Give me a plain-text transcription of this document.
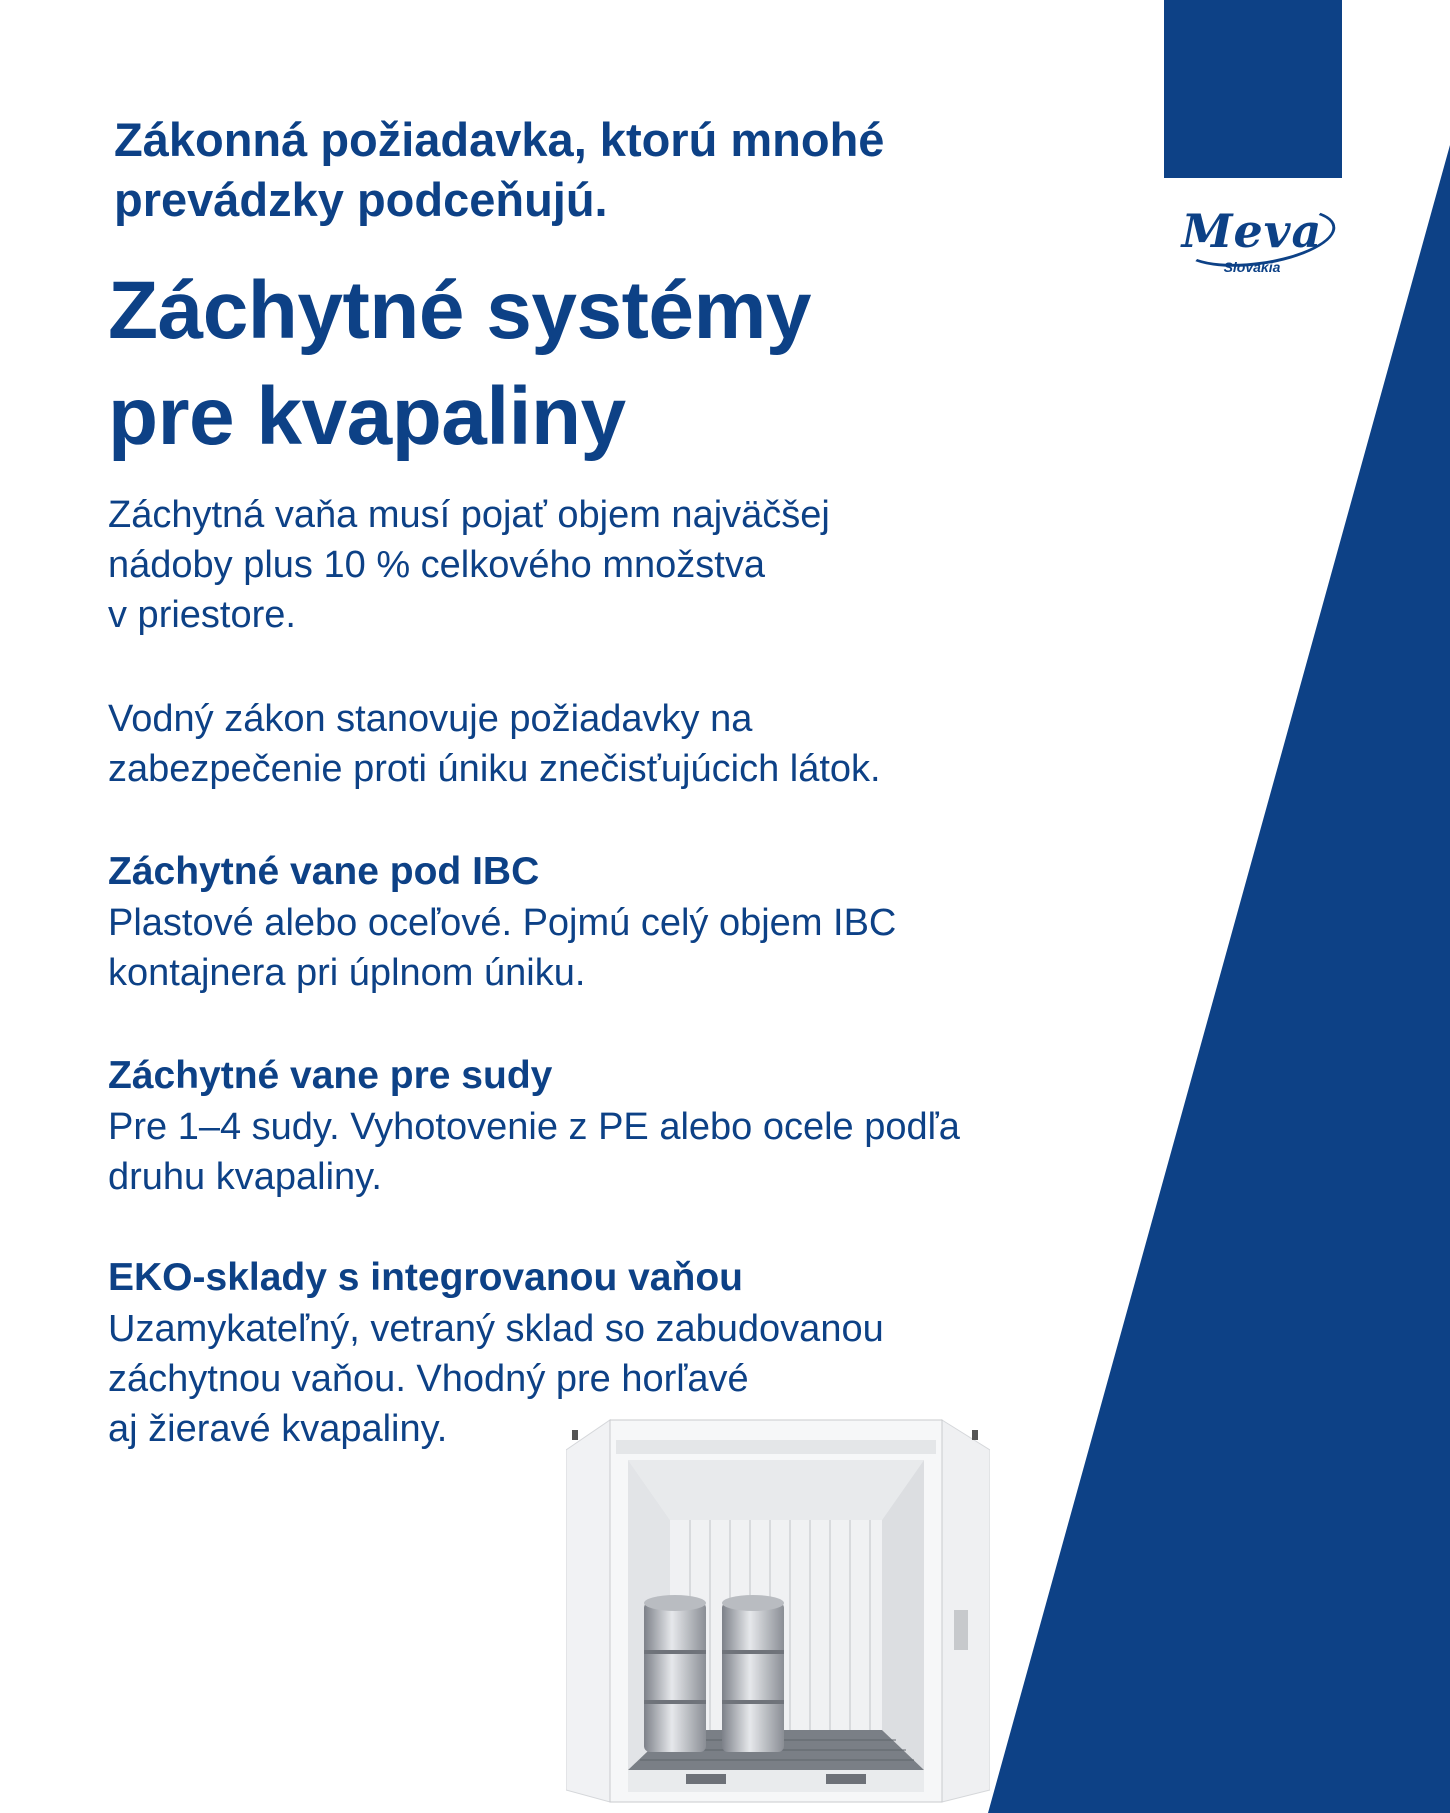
Meva
Slovakia
Zákonná požiadavka, ktorú mnohé
prevádzky podceňujú.
Záchytné systémy
pre kvapaliny
Záchytná vaňa musí pojať objem najväčšej
nádoby plus 10 % celkového množstva
v priestore.
Vodný zákon stanovuje požiadavky na
zabezpečenie proti úniku znečisťujúcich látok.
Záchytné vane pod IBC
Plastové alebo oceľové. Pojmú celý objem IBC
kontajnera pri úplnom úniku.
Záchytné vane pre sudy
Pre 1–4 sudy. Vyhotovenie z PE alebo ocele podľa
druhu kvapaliny.
EKO-sklady s integrovanou vaňou
Uzamykateľný, vetraný sklad so zabudovanou
záchytnou vaňou. Vhodný pre horľavé
aj žieravé kvapaliny.
